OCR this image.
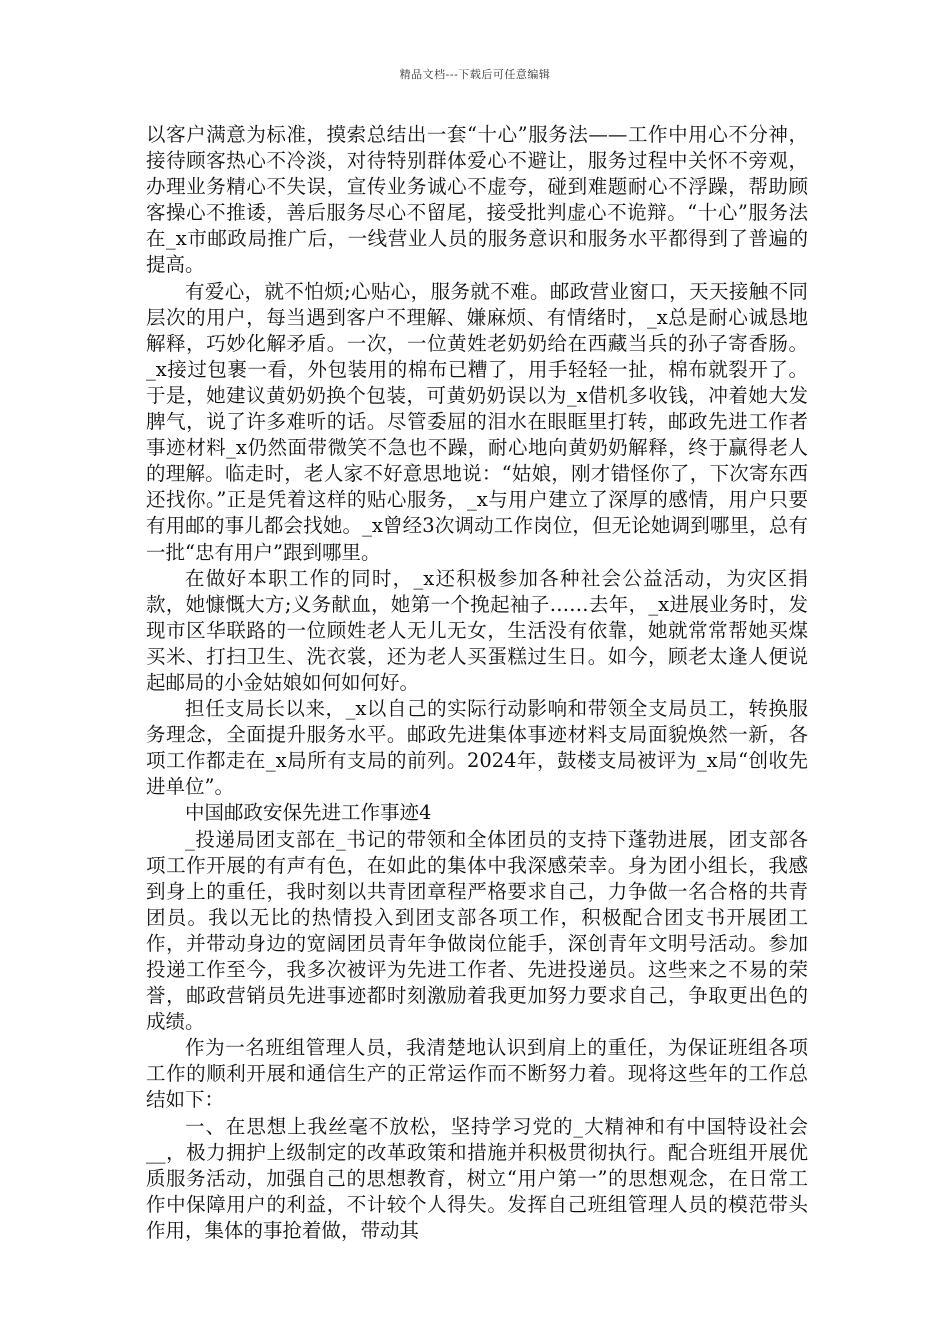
精品文档---下载后可任意编辑

以客户满意为标准，摸索总结出一套“十心”服务法——工作中用心不分神，接待顾客热心不冷淡，对待特别群体爱心不避让，服务过程中关怀不旁观，办理业务精心不失误，宣传业务诚心不虚夸，碰到难题耐心不浮躁，帮助顾客操心不推诿，善后服务尽心不留尾，接受批判虚心不诡辩。“十心”服务法在_x市邮政局推广后，一线营业人员的服务意识和服务水平都得到了普遍的提高。

有爱心，就不怕烦;心贴心，服务就不难。邮政营业窗口，天天接触不同层次的用户，每当遇到客户不理解、嫌麻烦、有情绪时，_x总是耐心诚恳地解释，巧妙化解矛盾。一次，一位黄姓老奶奶给在西藏当兵的孙子寄香肠。_x接过包裹一看，外包装用的棉布已糟了，用手轻轻一扯，棉布就裂开了。于是，她建议黄奶奶换个包装，可黄奶奶误以为_x借机多收钱，冲着她大发脾气，说了许多难听的话。尽管委屈的泪水在眼眶里打转，邮政先进工作者事迹材料_x仍然面带微笑不急也不躁，耐心地向黄奶奶解释，终于赢得老人的理解。临走时，老人家不好意思地说：“姑娘，刚才错怪你了，下次寄东西还找你。”正是凭着这样的贴心服务，_x与用户建立了深厚的感情，用户只要有用邮的事儿都会找她。_x曾经3次调动工作岗位，但无论她调到哪里，总有一批“忠有用户”跟到哪里。

在做好本职工作的同时，_x还积极参加各种社会公益活动，为灾区捐款，她慷慨大方;义务献血，她第一个挽起袖子……去年，_x进展业务时，发现市区华联路的一位顾姓老人无儿无女，生活没有依靠，她就常常帮她买煤买米、打扫卫生、洗衣裳，还为老人买蛋糕过生日。如今，顾老太逢人便说起邮局的小金姑娘如何如何好。

担任支局长以来，_x以自己的实际行动影响和带领全支局员工，转换服务理念，全面提升服务水平。邮政先进集体事迹材料支局面貌焕然一新，各项工作都走在_x局所有支局的前列。2024年，鼓楼支局被评为_x局“创收先进单位”。

中国邮政安保先进工作事迹4

_投递局团支部在_书记的带领和全体团员的支持下蓬勃进展，团支部各项工作开展的有声有色，在如此的集体中我深感荣幸。身为团小组长，我感到身上的重任，我时刻以共青团章程严格要求自己，力争做一名合格的共青团员。我以无比的热情投入到团支部各项工作，积极配合团支书开展团工作，并带动身边的宽阔团员青年争做岗位能手，深创青年文明号活动。参加投递工作至今，我多次被评为先进工作者、先进投递员。这些来之不易的荣誉，邮政营销员先进事迹都时刻激励着我更加努力要求自己，争取更出色的成绩。

作为一名班组管理人员，我清楚地认识到肩上的重任，为保证班组各项工作的顺利开展和通信生产的正常运作而不断努力着。现将这些年的工作总结如下：

一、在思想上我丝毫不放松，坚持学习党的_大精神和有中国特设社会__，极力拥护上级制定的改革政策和措施并积极贯彻执行。配合班组开展优质服务活动，加强自己的思想教育，树立“用户第一”的思想观念，在日常工作中保障用户的利益，不计较个人得失。发挥自己班组管理人员的模范带头作用，集体的事抢着做，带动其
